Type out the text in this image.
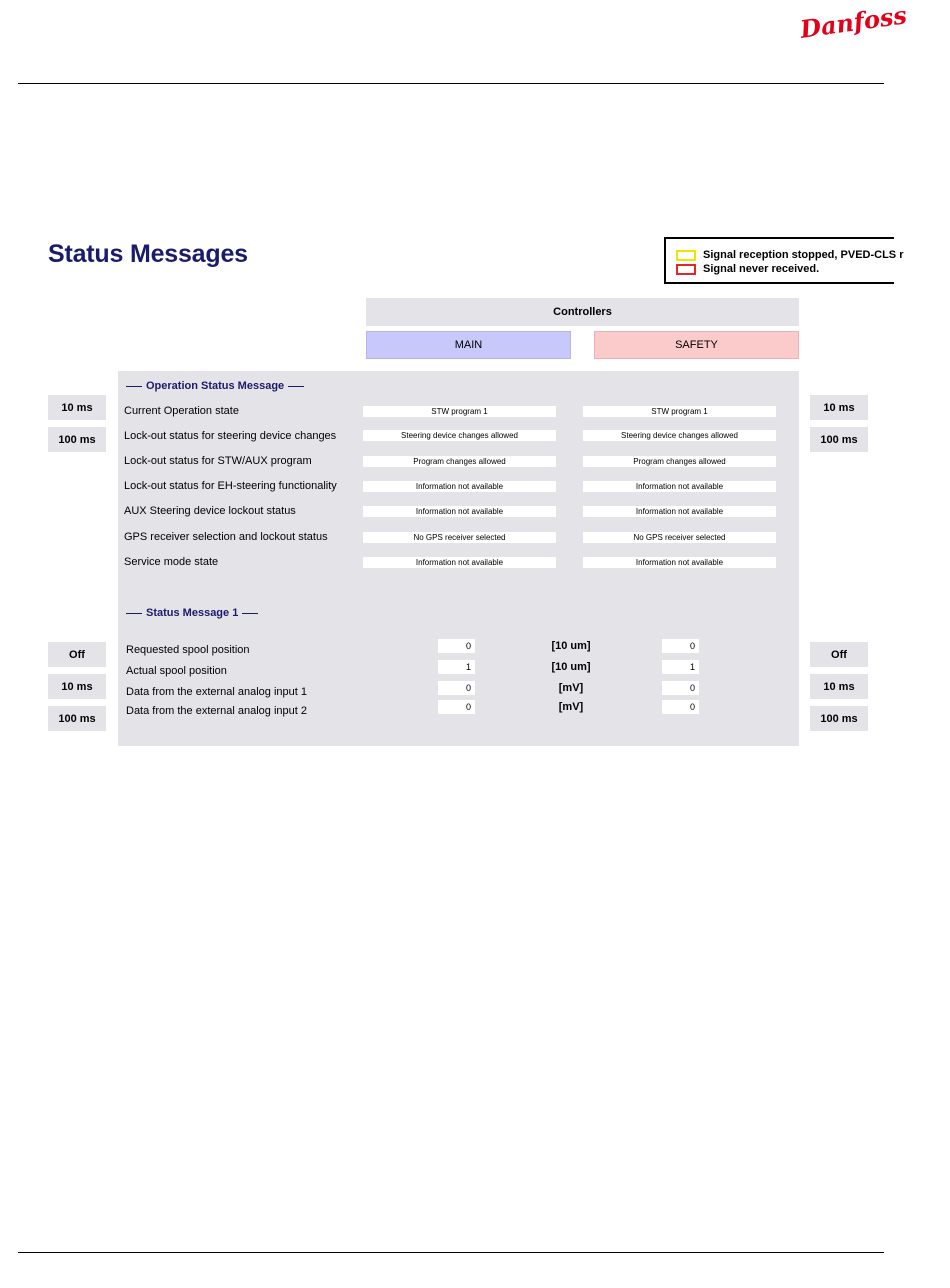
Danfoss
Status Messages	Signal reception stopped, PVED-CLS r
Signal never received.
Controllers
MAIN	SAFETY
Operation Status Message
10 ms
100 ms
10 ms
100 ms
Current Operation state	STW program 1	STW program 1
Lock-out status for steering device changes	Steering device changes allowed	Steering device changes allowed
Lock-out status for STW/AUX program	Program changes allowed	Program changes allowed
Lock-out status for EH-steering functionality	Information not available	Information not available
AUX Steering device lockout status	Information not available	Information not available
GPS receiver selection and lockout status	No GPS receiver selected	No GPS receiver selected
Service mode state	Information not available	Information not available
Status Message 1
Off
10 ms
100 ms
Off
10 ms
100 ms
Requested spool position	0	[10 um]	0
Actual spool position	1	[10 um]	1
Data from the external analog input 1	0	[mV]	0
Data from the external analog input 2	0	[mV]	0
